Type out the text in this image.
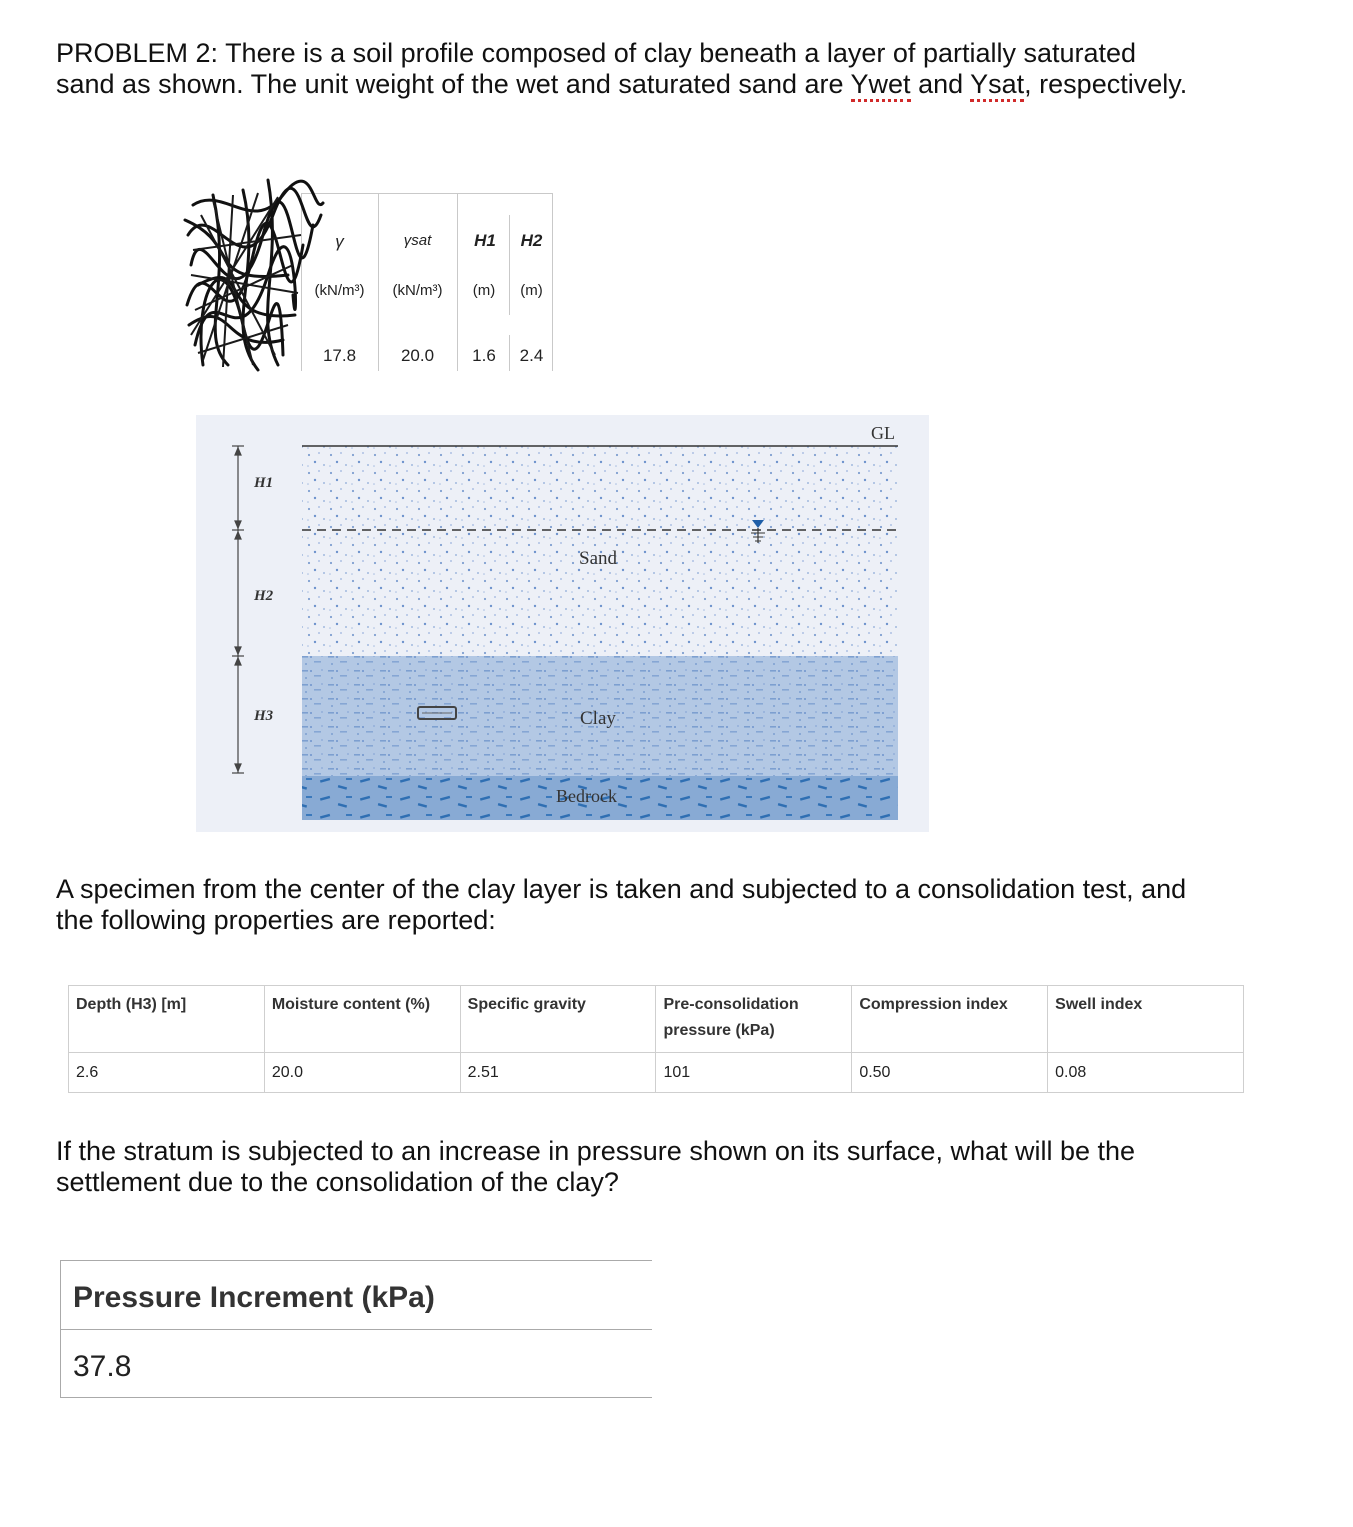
PROBLEM 2: There is a soil profile composed of clay beneath a layer of partially saturated
sand as shown. The unit weight of the wet and saturated sand are Ywet and Ysat, respectively.

γ	γsat	H1	H2
(kN/m³)	(kN/m³)	(m)	(m)
17.8	20.0	1.6	2.4
GL
H1
H2
H3
Sand
Clay
Bedrock

A specimen from the center of the clay layer is taken and subjected to a consolidation test, and
the following properties are reported:

Depth (H3) [m]	Moisture content (%)	Specific gravity	Pre-consolidation pressure (kPa)	Compression index	Swell index
2.6	20.0	2.51	101	0.50	0.08

If the stratum is subjected to an increase in pressure shown on its surface, what will be the
settlement due to the consolidation of the clay?

Pressure Increment (kPa)
37.8
